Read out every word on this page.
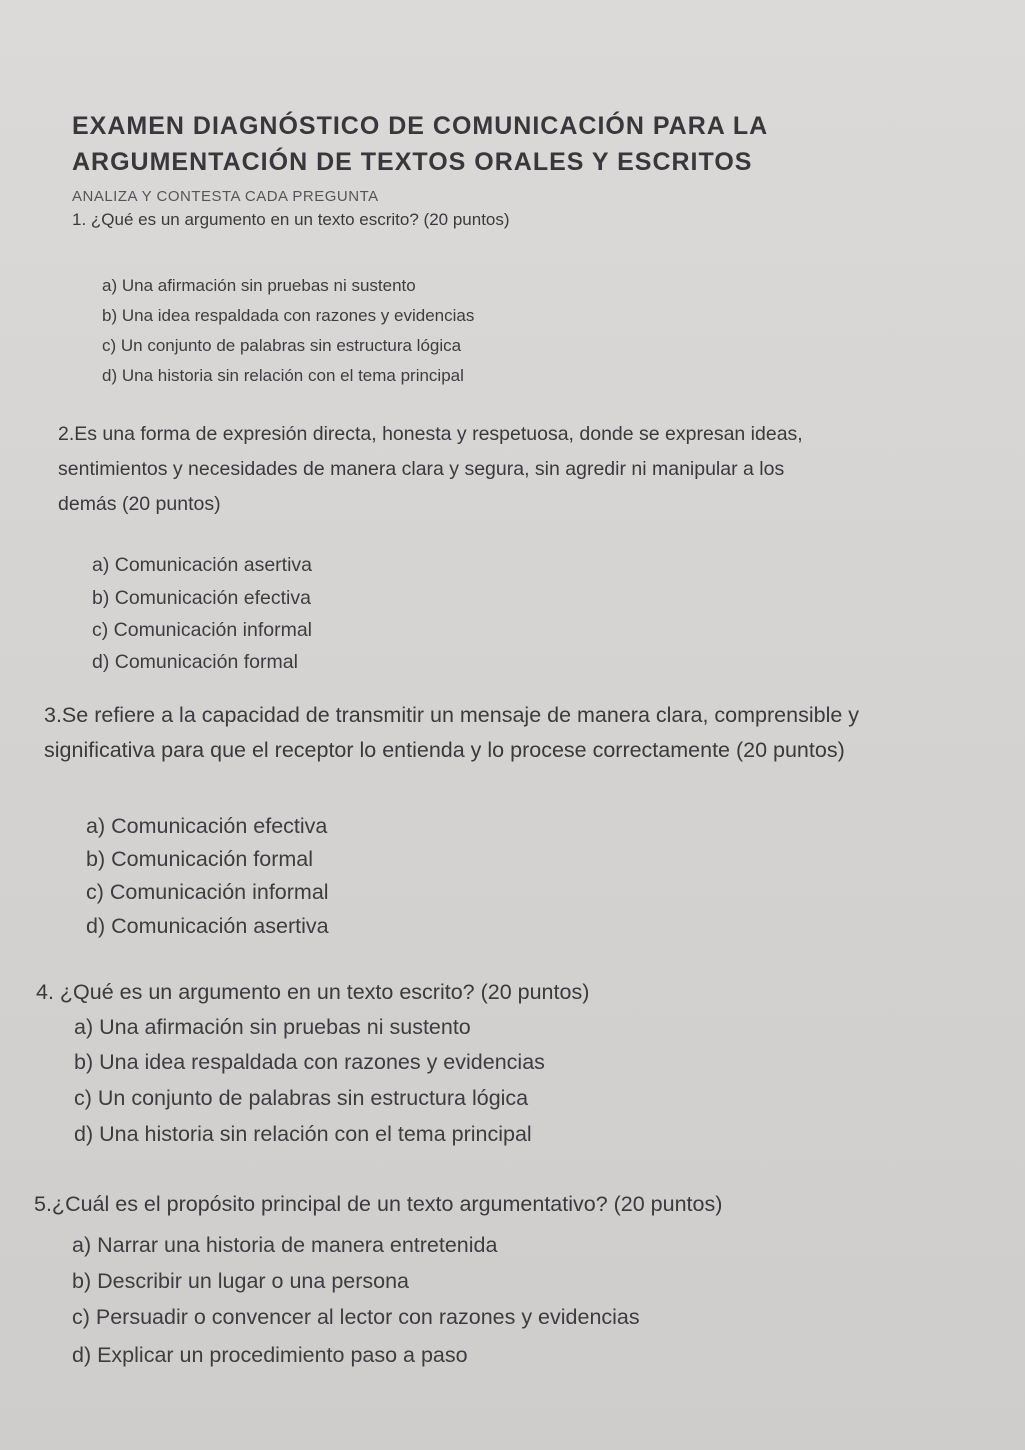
EXAMEN DIAGNÓSTICO DE COMUNICACIÓN PARA LA
ARGUMENTACIÓN DE TEXTOS ORALES Y ESCRITOS
ANALIZA Y CONTESTA CADA PREGUNTA
1. ¿Qué es un argumento en un texto escrito? (20 puntos)
a) Una afirmación sin pruebas ni sustento
b) Una idea respaldada con razones y evidencias
c) Un conjunto de palabras sin estructura lógica
d) Una historia sin relación con el tema principal
2.Es una forma de expresión directa, honesta y respetuosa, donde se expresan ideas,
sentimientos y necesidades de manera clara y segura, sin agredir ni manipular a los
demás (20 puntos)
a) Comunicación asertiva
b) Comunicación efectiva
c) Comunicación informal
d) Comunicación formal
3.Se refiere a la capacidad de transmitir un mensaje de manera clara, comprensible y
significativa para que el receptor lo entienda y lo procese correctamente (20 puntos)
a) Comunicación efectiva
b) Comunicación formal
c) Comunicación informal
d) Comunicación asertiva
4. ¿Qué es un argumento en un texto escrito? (20 puntos)
a) Una afirmación sin pruebas ni sustento
b) Una idea respaldada con razones y evidencias
c) Un conjunto de palabras sin estructura lógica
d) Una historia sin relación con el tema principal
5.¿Cuál es el propósito principal de un texto argumentativo? (20 puntos)
a) Narrar una historia de manera entretenida
b) Describir un lugar o una persona
c) Persuadir o convencer al lector con razones y evidencias
d) Explicar un procedimiento paso a paso
